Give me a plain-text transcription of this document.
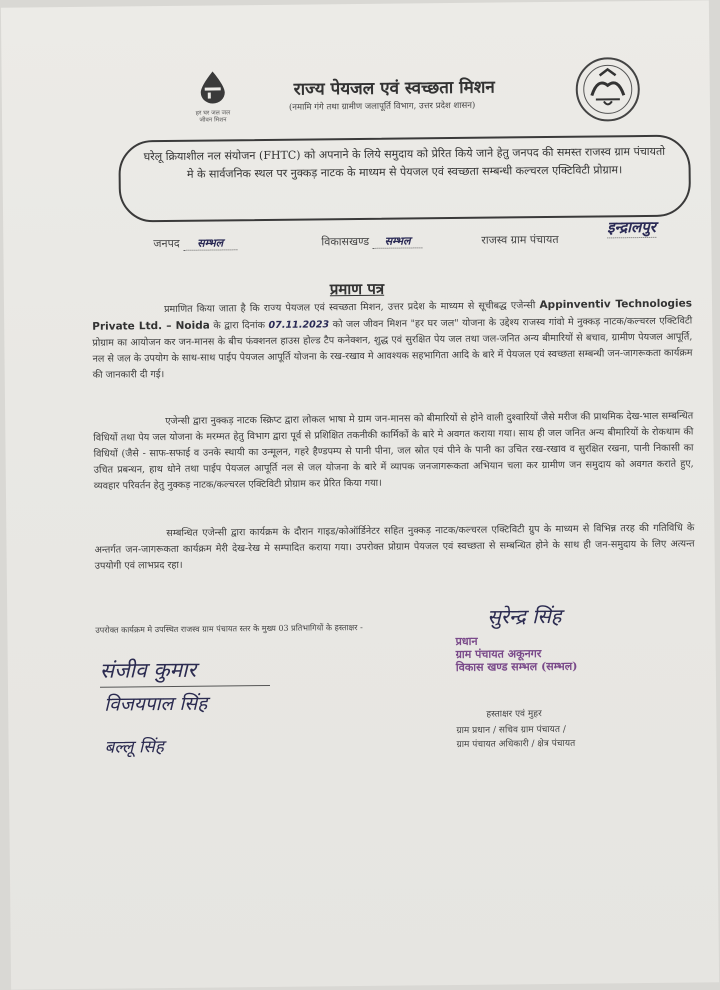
हर घर जल जल जीवन मिशन
राज्य पेयजल एवं स्वच्छता मिशन
(नमामि गंगे तथा ग्रामीण जलापूर्ति विभाग, उत्तर प्रदेश शासन)
घरेलू क्रियाशील नल संयोजन (FHTC) को अपनाने के लिये समुदाय को प्रेरित किये जाने हेतु जनपद की समस्त राजस्व ग्राम पंचायतो मे के सार्वजनिक स्थल पर नुक्कड़ नाटक के माध्यम से पेयजल एवं स्वच्छता सम्बन्धी कल्चरल एक्टिविटी प्रोग्राम।
जनपद सम्भल	विकासखण्ड सम्भल	राजस्व ग्राम पंचायत
इन्द्रालपुर
प्रमाण पत्र
प्रमाणित किया जाता है कि राज्य पेयजल एवं स्वच्छता मिशन, उत्तर प्रदेश के माध्यम से सूचीबद्ध एजेन्सी Appinventiv Technologies Private Ltd. – Noida के द्वारा दिनांक 07.11.2023 को जल जीवन मिशन "हर घर जल" योजना के उद्देश्य राजस्व गांवो मे नुक्कड़ नाटक/कल्चरल एक्टिविटी प्रोग्राम का आयोजन कर जन-मानस के बीच फंक्शनल हाउस होल्ड टैप कनेक्शन, शुद्ध एवं सुरक्षित पेय जल तथा जल-जनित अन्य बीमारियों से बचाव, ग्रामीण पेयजल आपूर्ति, नल से जल के उपयोग के साथ-साथ पाईप पेयजल आपूर्ति योजना के रख-रखाव मे आवश्यक सहभागिता आदि के बारे में पेयजल एवं स्वच्छता सम्बन्धी जन-जागरूकता कार्यक्रम की जानकारी दी गई।
एजेन्सी द्वारा नुक्कड़ नाटक स्क्रिप्ट द्वारा लोकल भाषा मे ग्राम जन-मानस को बीमारियों से होने वाली दुश्वारियों जैसे मरीज की प्राथमिक देख-भाल सम्बन्धित विधियों तथा पेय जल योजना के मरम्मत हेतु विभाग द्वारा पूर्व से प्रशिक्षित तकनीकी कार्मिकों के बारे मे अवगत कराया गया। साथ ही जल जनित अन्य बीमारियों के रोकथाम की विधियों (जैसे - साफ-सफाई व उनके स्थायी का उन्मूलन, गहरे हैण्डपम्प से पानी पीना, जल स्रोत एवं पीने के पानी का उचित रख-रखाव व सुरक्षित रखना, पानी निकासी का उचित प्रबन्धन, हाथ धोने तथा पाईप पेयजल आपूर्ति नल से जल योजना के बारे में व्यापक जनजागरूकता अभियान चला कर ग्रामीण जन समुदाय को अवगत कराते हुए, व्यवहार परिवर्तन हेतु नुक्कड़ नाटक/कल्चरल एक्टिविटी प्रोग्राम कर प्रेरित किया गया।
सम्बन्धित एजेन्सी द्वारा कार्यक्रम के दौरान गाइड/कोऑर्डिनेटर सहित नुक्कड़ नाटक/कल्चरल एक्टिविटी ग्रुप के माध्यम से विभिन्न तरह की गतिविधि के अन्तर्गत जन-जागरूकता कार्यक्रम मेरी देख-रेख मे सम्पादित कराया गया। उपरोक्त प्रोग्राम पेयजल एवं स्वच्छता से सम्बन्धित होने के साथ ही जन-समुदाय के लिए अत्यन्त उपयोगी एवं लाभप्रद रहा।
उपरोक्त कार्यक्रम मे उपस्थित राजस्व ग्राम पंचायत स्तर के मुख्य 03 प्रतिभागियों के हस्ताक्षर -
संजीव कुमार
विजयपाल सिंह
बल्लू सिंह
सुरेन्द्र सिंह
प्रधान
ग्राम पंचायत अकूनगर
विकास खण्ड सम्भल (सम्भल)
हस्ताक्षर एवं मुहर
ग्राम प्रधान / सचिव ग्राम पंचायत /
ग्राम पंचायत अधिकारी / क्षेत्र पंचायत
